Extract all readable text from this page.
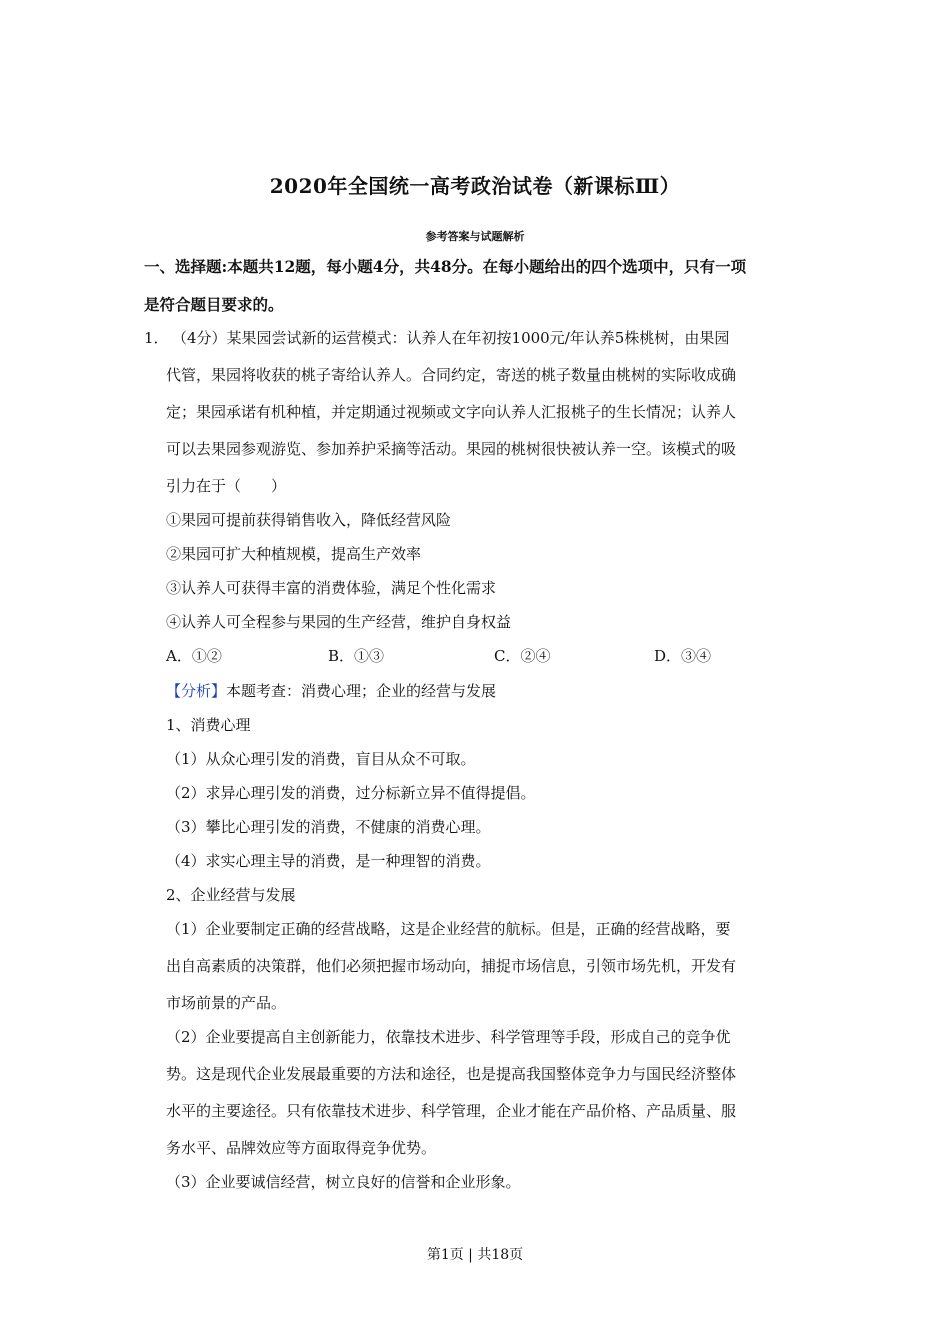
2020年全国统一高考政治试卷（新课标Ⅲ）
参考答案与试题解析
一、选择题:本题共12题，每小题4分，共48分。在每小题给出的四个选项中，只有一项
是符合题目要求的。
1． （4分）某果园尝试新的运营模式：认养人在年初按1000元/年认养5株桃树，由果园
代管，果园将收获的桃子寄给认养人。合同约定，寄送的桃子数量由桃树的实际收成确
定；果园承诺有机种植，并定期通过视频或文字向认养人汇报桃子的生长情况；认养人
可以去果园参观游览、参加养护采摘等活动。果园的桃树很快被认养一空。该模式的吸
引力在于（　　）
①果园可提前获得销售收入，降低经营风险
②果园可扩大种植规模，提高生产效率
③认养人可获得丰富的消费体验，满足个性化需求
④认养人可全程参与果园的生产经营，维护自身权益
A．①②	B．①③	C．②④	D．③④
【分析】本题考查：消费心理；企业的经营与发展
1、消费心理
（1）从众心理引发的消费，盲目从众不可取。
（2）求异心理引发的消费，过分标新立异不值得提倡。
（3）攀比心理引发的消费，不健康的消费心理。
（4）求实心理主导的消费，是一种理智的消费。
2、企业经营与发展
（1）企业要制定正确的经营战略，这是企业经营的航标。但是，正确的经营战略，要
出自高素质的决策群，他们必须把握市场动向，捕捉市场信息，引领市场先机，开发有
市场前景的产品。
（2）企业要提高自主创新能力，依靠技术进步、科学管理等手段，形成自己的竞争优
势。这是现代企业发展最重要的方法和途径，也是提高我国整体竞争力与国民经济整体
水平的主要途径。只有依靠技术进步、科学管理，企业才能在产品价格、产品质量、服
务水平、品牌效应等方面取得竞争优势。
（3）企业要诚信经营，树立良好的信誉和企业形象。
第1页 | 共18页
